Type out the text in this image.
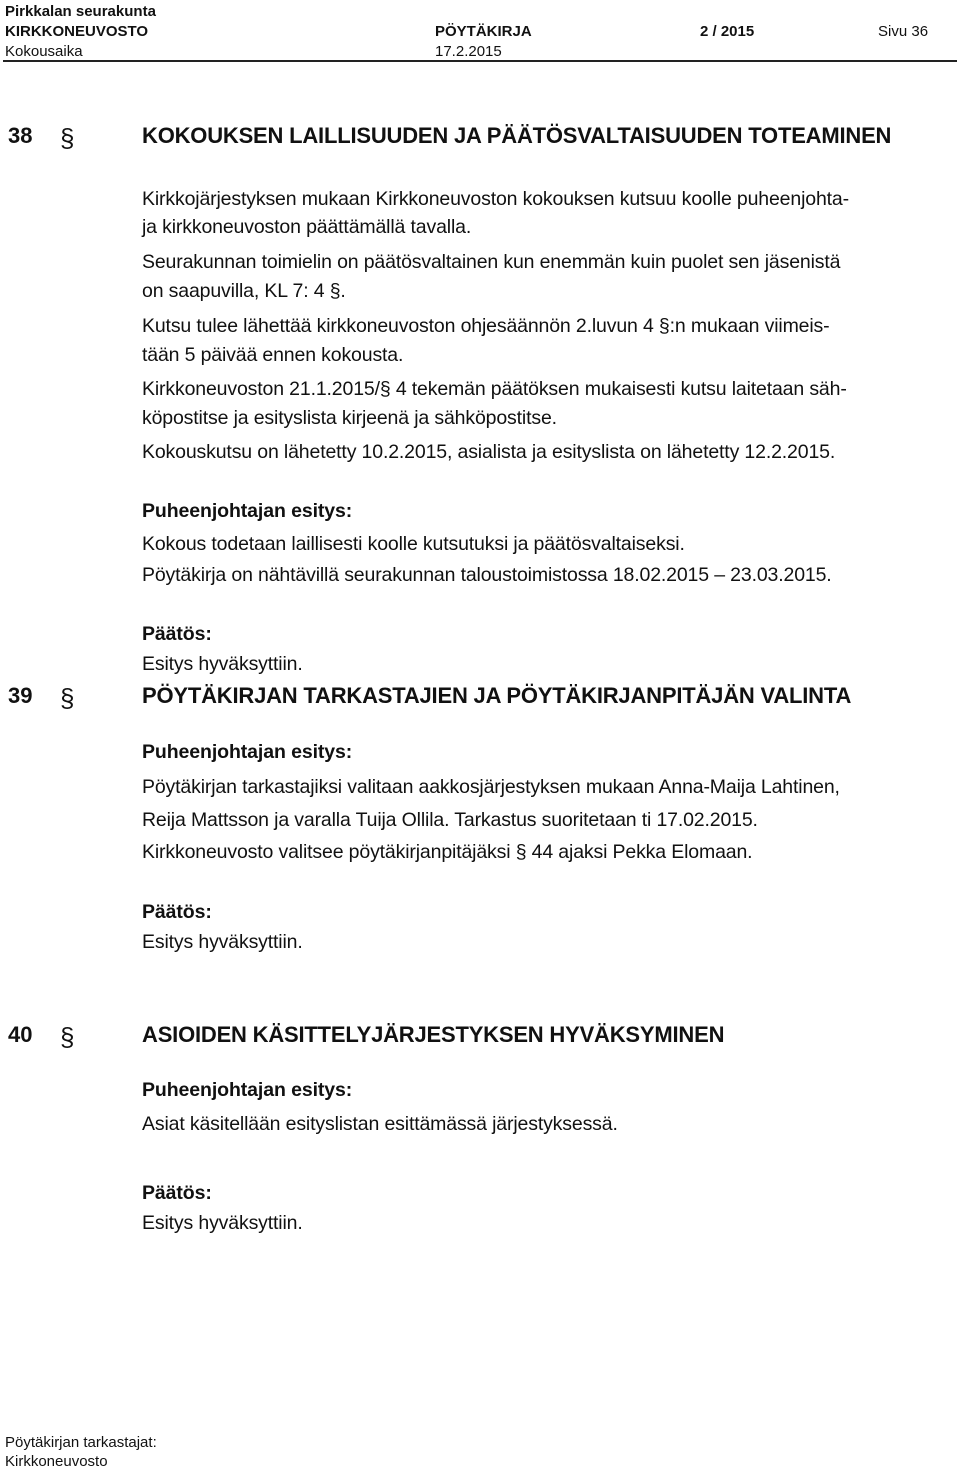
Pirkkalan seurakunta
KIRKKONEUVOSTO	PÖYTÄKIRJA	2 / 2015	Sivu 36
Kokousaika	17.2.2015
38 §	KOKOUKSEN LAILLISUUDEN JA PÄÄTÖSVALTAISUUDEN TOTEAMINEN
Kirkkojärjestyksen mukaan Kirkkoneuvoston kokouksen kutsuu koolle puheenjohta-
ja kirkkoneuvoston päättämällä tavalla.
Seurakunnan toimielin on päätösvaltainen kun enemmän kuin puolet sen jäsenistä
on saapuvilla, KL 7: 4 §.
Kutsu tulee lähettää kirkkoneuvoston ohjesäännön 2.luvun 4 §:n mukaan viimeis-
tään 5 päivää ennen kokousta.
Kirkkoneuvoston 21.1.2015/§ 4 tekemän päätöksen mukaisesti kutsu laitetaan säh-
köpostitse ja esityslista kirjeenä ja sähköpostitse.
Kokouskutsu on lähetetty 10.2.2015, asialista ja esityslista on lähetetty 12.2.2015.
Puheenjohtajan esitys:
Kokous todetaan laillisesti koolle kutsutuksi ja päätösvaltaiseksi.
Pöytäkirja on nähtävillä seurakunnan taloustoimistossa 18.02.2015 – 23.03.2015.
Päätös:
Esitys hyväksyttiin.
39 §	PÖYTÄKIRJAN TARKASTAJIEN JA PÖYTÄKIRJANPITÄJÄN VALINTA
Puheenjohtajan esitys:
Pöytäkirjan tarkastajiksi valitaan aakkosjärjestyksen mukaan Anna-Maija Lahtinen,
Reija Mattsson ja varalla Tuija Ollila. Tarkastus suoritetaan ti 17.02.2015.
Kirkkoneuvosto valitsee pöytäkirjanpitäjäksi § 44 ajaksi Pekka Elomaan.
Päätös:
Esitys hyväksyttiin.
40 §	ASIOIDEN KÄSITTELYJÄRJESTYKSEN HYVÄKSYMINEN
Puheenjohtajan esitys:
Asiat käsitellään esityslistan esittämässä järjestyksessä.
Päätös:
Esitys hyväksyttiin.
Pöytäkirjan tarkastajat:
Kirkkoneuvosto
